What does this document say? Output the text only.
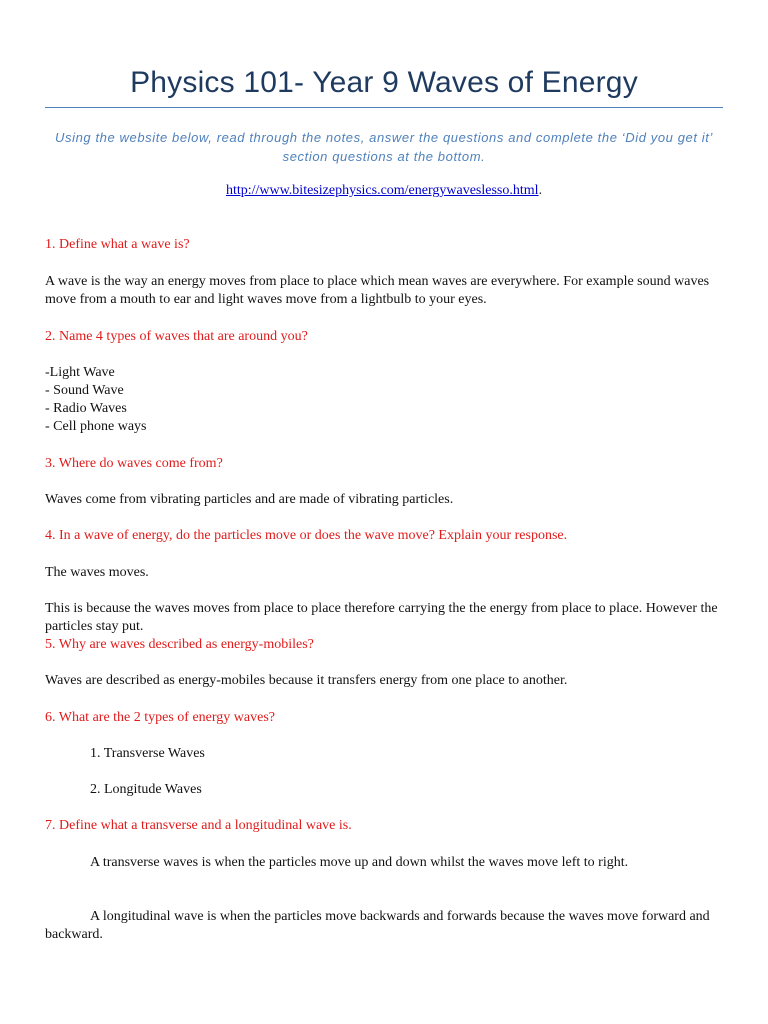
Physics 101- Year 9 Waves of Energy
Using the website below, read through the notes, answer the questions and complete the ‘Did you get it’ section questions at the bottom.
http://www.bitesizephysics.com/energywaveslesso.html.
1. Define what a wave is?
A wave is the way an energy moves from place to place which mean waves are everywhere. For example sound waves move from a mouth to ear and light waves move from a lightbulb to your eyes.
2. Name 4 types of waves that are around you?
-Light Wave
- Sound Wave
- Radio Waves
- Cell phone ways
3. Where do waves come from?
Waves come from vibrating particles and are made of vibrating particles.
4. In a wave of energy, do the particles move or does the wave move? Explain your response.
The waves moves.
This is because the waves moves from place to place therefore carrying the the energy from place to place. However the particles stay put.
5. Why are waves described as energy-mobiles?
Waves are described as energy-mobiles because it transfers energy from one place to another.
6. What are the 2 types of energy waves?
1. Transverse Waves
2. Longitude Waves
7. Define what a transverse and a longitudinal wave is.
A transverse waves is when the particles move up and down whilst the waves move left to right.
A longitudinal wave is when the particles move backwards and forwards because the waves move forward and backward.
